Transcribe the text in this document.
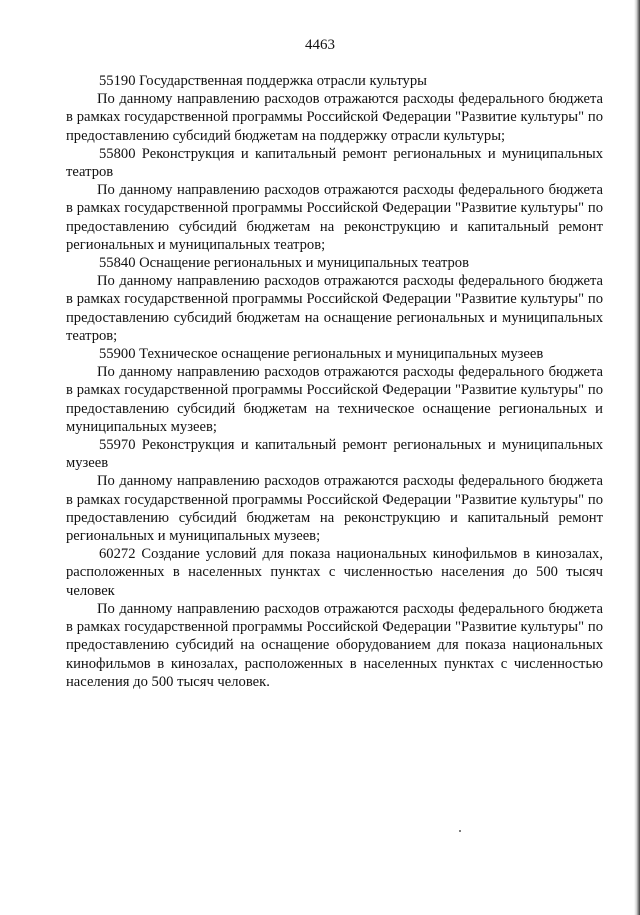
4463

55190 Государственная поддержка отрасли культуры

По данному направлению расходов отражаются расходы федерального бюджета в рамках государственной программы Российской Федерации "Развитие культуры" по предоставлению субсидий бюджетам на поддержку отрасли культуры;

55800 Реконструкция и капитальный ремонт региональных и муниципальных театров

По данному направлению расходов отражаются расходы федерального бюджета в рамках государственной программы Российской Федерации "Развитие культуры" по предоставлению субсидий бюджетам на реконструкцию и капитальный ремонт региональных и муниципальных театров;

55840 Оснащение региональных и муниципальных театров

По данному направлению расходов отражаются расходы федерального бюджета в рамках государственной программы Российской Федерации "Развитие культуры" по предоставлению субсидий бюджетам на оснащение региональных и муниципальных театров;

55900 Техническое оснащение региональных и муниципальных музеев

По данному направлению расходов отражаются расходы федерального бюджета в рамках государственной программы Российской Федерации "Развитие культуры" по предоставлению субсидий бюджетам на техническое оснащение региональных и муниципальных музеев;

55970 Реконструкция и капитальный ремонт региональных и муниципальных музеев

По данному направлению расходов отражаются расходы федерального бюджета в рамках государственной программы Российской Федерации "Развитие культуры" по предоставлению субсидий бюджетам на реконструкцию и капитальный ремонт региональных и муниципальных музеев;

60272 Создание условий для показа национальных кинофильмов в кинозалах, расположенных в населенных пунктах с численностью населения до 500 тысяч человек

По данному направлению расходов отражаются расходы федерального бюджета в рамках государственной программы Российской Федерации "Развитие культуры" по предоставлению субсидий на оснащение оборудованием для показа национальных кинофильмов в кинозалах, расположенных в населенных пунктах с численностью населения до 500 тысяч человек.
